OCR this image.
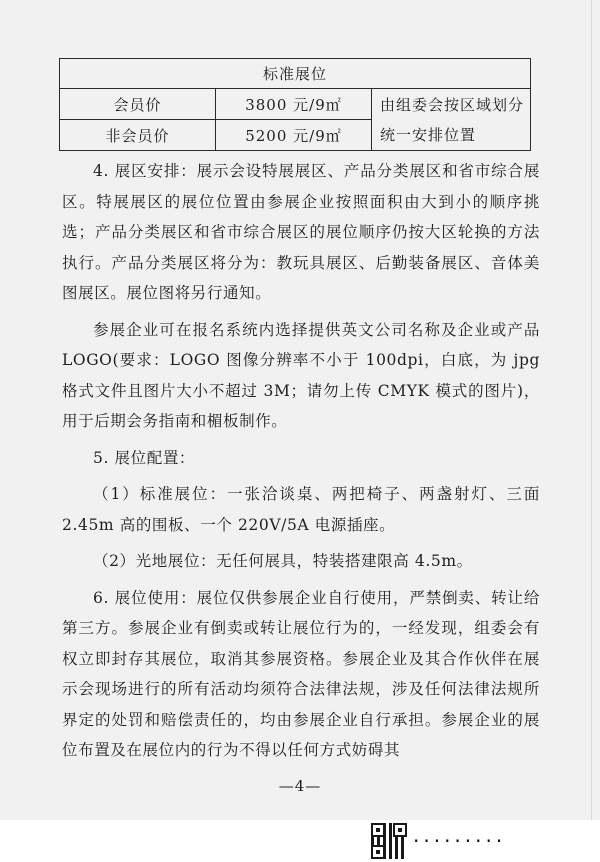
标准展位		
会员价	3800 元/9㎡	由组委会按区域划分统一安排位置
非会员价	5200 元/9㎡	

4. 展区安排：展示会设特展展区、产品分类展区和省市综合展区。特展展区的展位位置由参展企业按照面积由大到小的顺序挑选；产品分类展区和省市综合展区的展位顺序仍按大区轮换的方法执行。产品分类展区将分为：教玩具展区、后勤装备展区、音体美图展区。展位图将另行通知。

参展企业可在报名系统内选择提供英文公司名称及企业或产品 LOGO(要求：LOGO 图像分辨率不小于 100dpi，白底，为 jpg 格式文件且图片大小不超过 3M；请勿上传 CMYK 模式的图片)，用于后期会务指南和楣板制作。

5. 展位配置：

（1）标准展位：一张洽谈桌、两把椅子、两盏射灯、三面 2.45m 高的围板、一个 220V/5A 电源插座。

（2）光地展位：无任何展具，特装搭建限高 4.5m。

6. 展位使用：展位仅供参展企业自行使用，严禁倒卖、转让给第三方。参展企业有倒卖或转让展位行为的，一经发现，组委会有权立即封存其展位，取消其参展资格。参展企业及其合作伙伴在展示会现场进行的所有活动均须符合法律法规，涉及任何法律法规所界定的处罚和赔偿责任的，均由参展企业自行承担。参展企业的展位布置及在展位内的行为不得以任何方式妨碍其

—4—
·········
